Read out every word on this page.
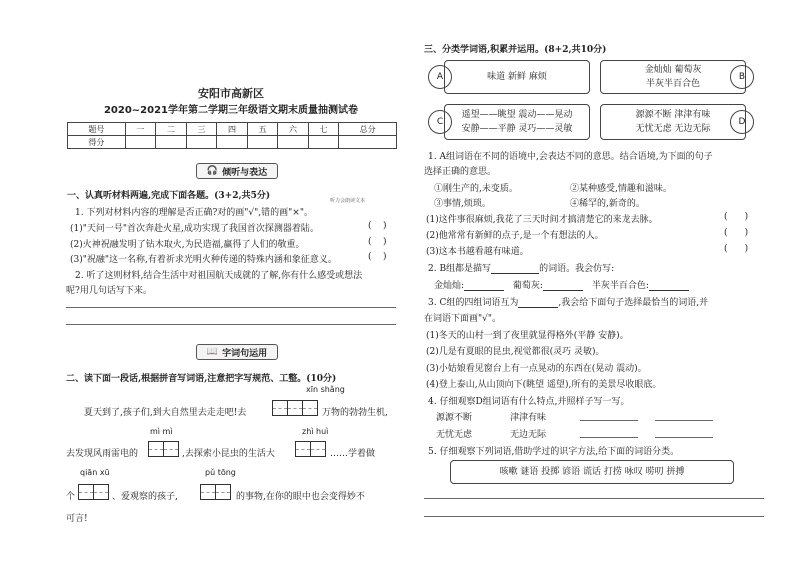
安阳市高新区
2020~2021学年第二学期三年级语文期末质量抽测试卷
题号	一	二	三	四	五	六	七	总分
得分								
🎧 倾听与表达
一、认真听材料两遍,完成下面各题。(3+2,共5分)	听力会朗读文本
1. 下列对材料内容的理解是否正确?对的画"√",错的画"×"。
(1)"天问一号"首次奔赴火星,成功实现了我国首次探测器着陆。	(    )
(2)火神祝融发明了钻木取火,为民造福,赢得了人们的敬重。	(    )
(3)"祝融"这一名称,有着祈求光明火种传递的特殊内涵和象征意义。	(    )
2. 听了这则材料,结合生活中对祖国航天成就的了解,你有什么感受或想法
呢?用几句话写下来。
📖 字词句运用
二、读下面一段话,根据拼音写词语,注意把字写规范、工整。(10分)
xīn shǎng
夏天到了,孩子们,到大自然里去走走吧!去	万物的勃勃生机,
mì mì	zhì huì
去发现风雨雷电的	,去探索小昆虫的生活大	……学着做
qiān xū	pǔ tōng
个	、爱观察的孩子,	的事物,在你的眼中也会变得妙不
可言!
三、分类学词语,积累并运用。(8+2,共10分)
A	味道 新鲜 麻烦
金灿灿 葡萄灰
半灰半百合色
B
C
遥望——眺望 震动——晃动
安静——平静 灵巧——灵敏
源源不断 津津有味
无忧无虑 无边无际
D
1. A组词语在不同的语境中,会表达不同的意思。结合语境,为下面的句子
选择正确的意思。
①刚生产的,未变质。	②某种感受,情趣和滋味。
③事情,烦琐。	④稀罕的,新奇的。
(1)这件事很麻烦,我花了三天时间才搞清楚它的来龙去脉。	(      )
(2)他常常有新鲜的点子,是一个有想法的人。	(      )
(3)这本书越看越有味道。	(      )
2. B组都是描写	的词语。我会仿写:
金灿灿:	葡萄灰:	半灰半百合色:
3. C组的四组词语互为	,我会给下面句子选择最恰当的词语,并
在词语下面画"√"。
(1)冬天的山村一到了夜里就显得格外(平静 安静)。
(2)几是有夏眼的昆虫,视觉都很(灵巧 灵敏)。
(3)小姑娘看见窗台上有一点晃动的东西在(晃动 震动)。
(4)登上泰山,从山顶向下(眺望 遥望),所有的美景尽收眼底。
4. 仔细观察D组词语有什么特点,并照样子写一写。
源源不断	津津有味
无忧无虑	无边无际
5. 仔细观察下列词语,借助学过的识字方法,给下面的词语分类。
咳嗽 谜语 投掷 谚语 谎话 打捞 咏叹 唠叨 拼搏
